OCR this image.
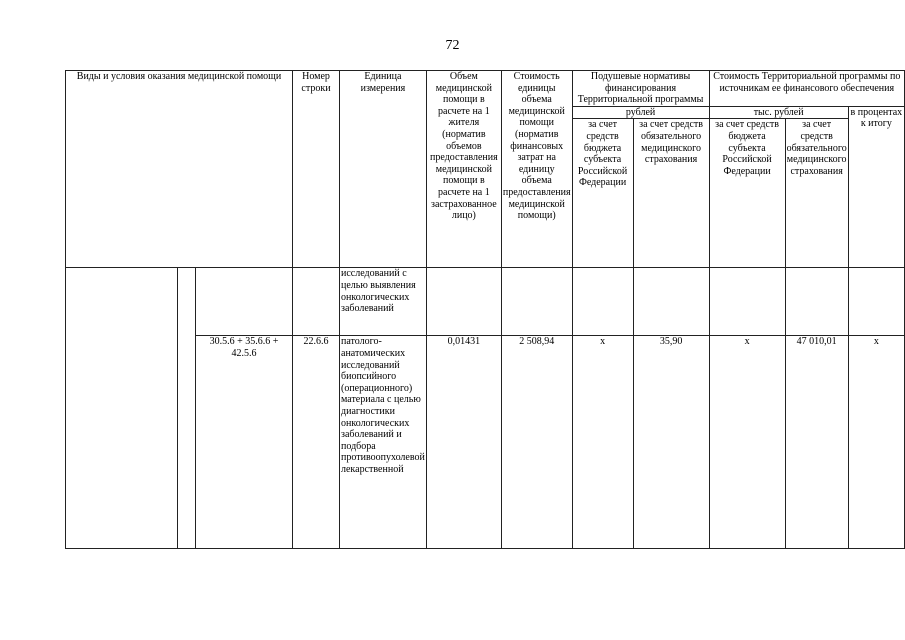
72
Виды и условия оказания медицинской помощи			Номер строки	Единица измерения	Объем медицинской помощи в расчете на 1 жителя (норматив объемов предоставления медицинской помощи в расчете на 1 застрахованное лицо)	Стоимость единицы объема медицинской помощи (норматив финансовых затрат на единицу объема предоставления медицинской помощи)	Подушевые нормативы финансирования Территориальной программы		Стоимость Территориальной программы по источникам ее финансового обеспечения		
							рублей		тыс. рублей		в процентах к итогу
							за счет средств бюджета субъекта Российской Федерации	за счет средств обязательного медицинского страхования	за счет средств бюджета субъекта Российской Федерации	за счет средств обязательного медицинского страхования	
				исследований с целью выявления онкологических заболеваний							
		30.5.6 + 35.6.6 + 42.5.6	22.6.6	патолого-анатомических исследований биопсийного (операционного) материала с целью диагностики онкологических заболеваний и подбора противоопухолевой лекарственной	0,01431	2 508,94	х	35,90	х	47 010,01	х
